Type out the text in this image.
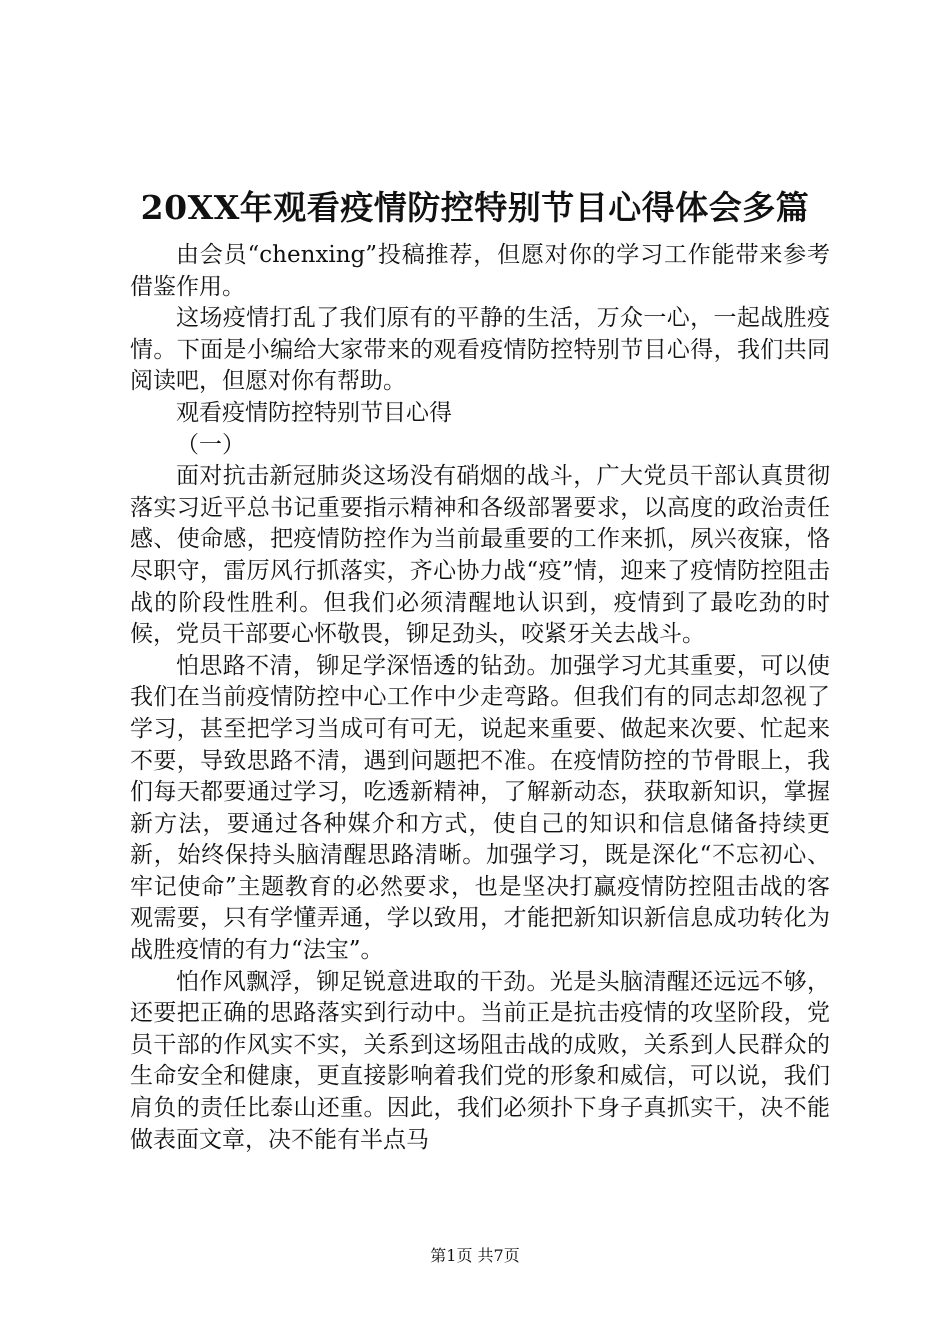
20XX年观看疫情防控特别节目心得体会多篇

由会员“chenxing”投稿推荐，但愿对你的学习工作能带来参考借鉴作用。

这场疫情打乱了我们原有的平静的生活，万众一心，一起战胜疫情。下面是小编给大家带来的观看疫情防控特别节目心得，我们共同阅读吧，但愿对你有帮助。

观看疫情防控特别节目心得

（一）

面对抗击新冠肺炎这场没有硝烟的战斗，广大党员干部认真贯彻落实习近平总书记重要指示精神和各级部署要求，以高度的政治责任感、使命感，把疫情防控作为当前最重要的工作来抓，夙兴夜寐，恪尽职守，雷厉风行抓落实，齐心协力战“疫”情，迎来了疫情防控阻击战的阶段性胜利。但我们必须清醒地认识到，疫情到了最吃劲的时候，党员干部要心怀敬畏，铆足劲头，咬紧牙关去战斗。

怕思路不清，铆足学深悟透的钻劲。加强学习尤其重要，可以使我们在当前疫情防控中心工作中少走弯路。但我们有的同志却忽视了学习，甚至把学习当成可有可无，说起来重要、做起来次要、忙起来不要，导致思路不清，遇到问题把不准。在疫情防控的节骨眼上，我们每天都要通过学习，吃透新精神，了解新动态，获取新知识，掌握新方法，要通过各种媒介和方式，使自己的知识和信息储备持续更新，始终保持头脑清醒思路清晰。加强学习，既是深化“不忘初心、牢记使命”主题教育的必然要求，也是坚决打赢疫情防控阻击战的客观需要，只有学懂弄通，学以致用，才能把新知识新信息成功转化为战胜疫情的有力“法宝”。

怕作风飘浮，铆足锐意进取的干劲。光是头脑清醒还远远不够，还要把正确的思路落实到行动中。当前正是抗击疫情的攻坚阶段，党员干部的作风实不实，关系到这场阻击战的成败，关系到人民群众的生命安全和健康，更直接影响着我们党的形象和威信，可以说，我们肩负的责任比泰山还重。因此，我们必须扑下身子真抓实干，决不能做表面文章，决不能有半点马

第1页 共7页
